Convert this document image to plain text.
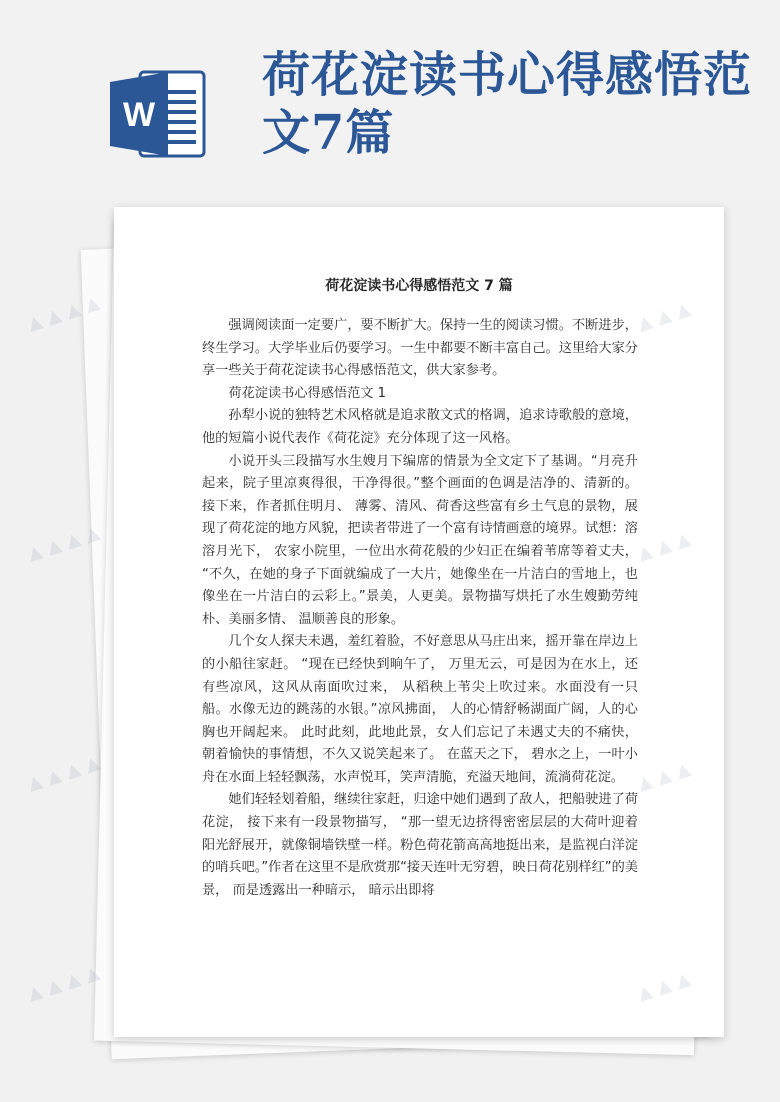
W
荷花淀读书心得感悟范文7篇
荷花淀读书心得感悟范文 7 篇

强调阅读面一定要广，要不断扩大。保持一生的阅读习惯。不断进步，终生学习。大学毕业后仍要学习。一生中都要不断丰富自己。这里给大家分享一些关于荷花淀读书心得感悟范文，供大家参考。

荷花淀读书心得感悟范文 1

孙犁小说的独特艺术风格就是追求散文式的格调，追求诗歌般的意境，他的短篇小说代表作《荷花淀》充分体现了这一风格。

小说开头三段描写水生嫂月下编席的情景为全文定下了基调。“月亮升起来，院子里凉爽得很，干净得很。”整个画面的色调是洁净的、清新的。 接下来，作者抓住明月、 薄雾、清风、荷香这些富有乡土气息的景物，展现了荷花淀的地方风貌，把读者带进了一个富有诗情画意的境界。试想：溶溶月光下， 农家小院里，一位出水荷花般的少妇正在编着苇席等着丈夫， “不久，在她的身子下面就编成了一大片，她像坐在一片洁白的雪地上，也像坐在一片洁白的云彩上。”景美，人更美。景物描写烘托了水生嫂勤劳纯朴、美丽多情、 温顺善良的形象。

几个女人探夫未遇，羞红着脸，不好意思从马庄出来，摇开靠在岸边上的小船往家赶。 “现在已经快到晌午了， 万里无云，可是因为在水上，还有些凉风，这风从南面吹过来， 从稻秧上苇尖上吹过来。水面没有一只船。水像无边的跳荡的水银。”凉风拂面， 人的心情舒畅湖面广阔，人的心胸也开阔起来。 此时此刻，此地此景，女人们忘记了未遇丈夫的不痛快，朝着愉快的事情想，不久又说笑起来了。 在蓝天之下， 碧水之上，一叶小舟在水面上轻轻飘荡，水声悦耳，笑声清脆，充溢天地间，流淌荷花淀。

她们轻轻划着船，继续往家赶，归途中她们遇到了敌人，把船驶进了荷花淀， 接下来有一段景物描写， “那一望无边挤得密密层层的大荷叶迎着阳光舒展开，就像铜墙铁壁一样。粉色荷花箭高高地挺出来，是监视白洋淀的哨兵吧。”作者在这里不是欣赏那“接天连叶无穷碧，映日荷花别样红”的美景， 而是透露出一种暗示， 暗示出即将

▲ ▲ ▲ ▲
▲ ▲ ▲ ▲
▲ ▲ ▲ ▲
▲ ▲ ▲ ▲
